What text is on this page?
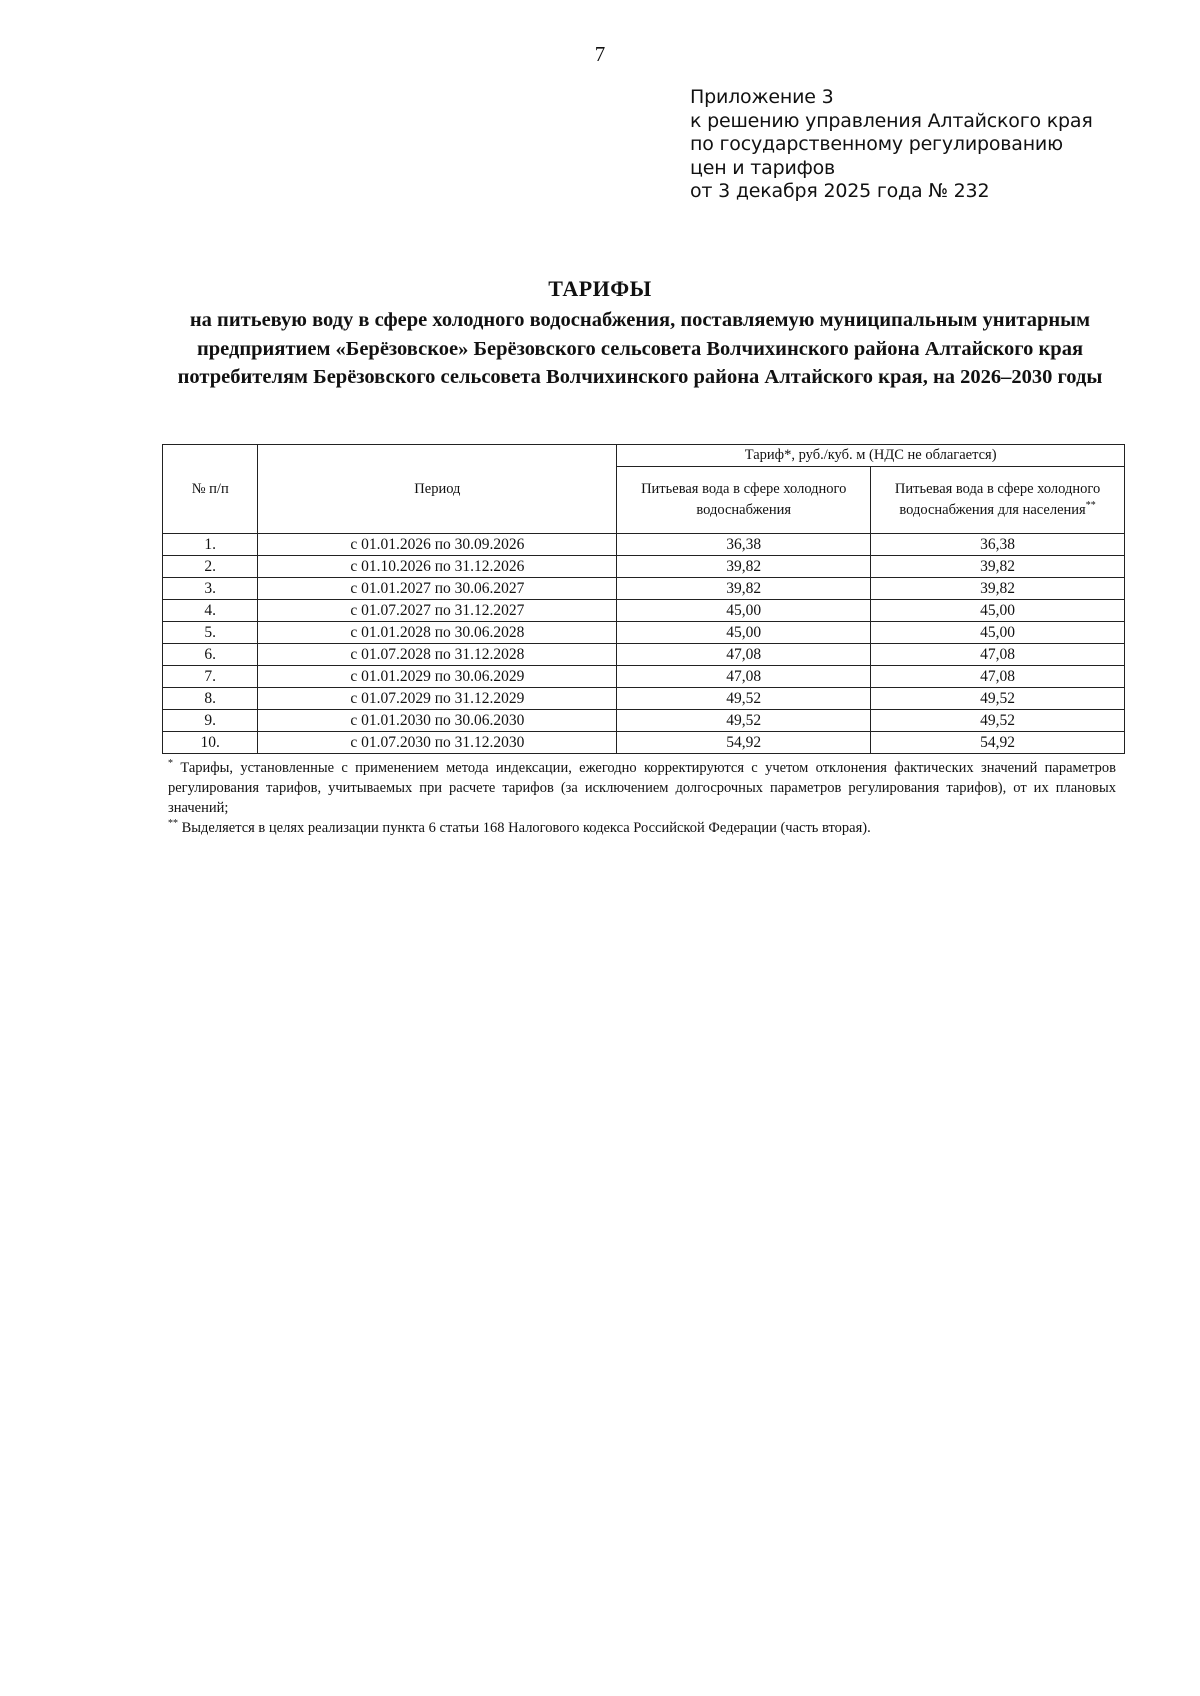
7
Приложение 3
к решению управления Алтайского края
по государственному регулированию
цен и тарифов
от 3 декабря 2025 года № 232
ТАРИФЫ
на питьевую воду в сфере холодного водоснабжения, поставляемую муниципальным унитарным предприятием «Берёзовское» Берёзовского сельсовета Волчихинского района Алтайского края потребителям Берёзовского сельсовета Волчихинского района Алтайского края, на 2026–2030 годы
№ п/п	Период	Тариф*, руб./куб. м (НДС не облагается)	
		Питьевая вода в сфере холодного водоснабжения	Питьевая вода в сфере холодного водоснабжения для населения**
1.	с 01.01.2026 по 30.09.2026	36,38	36,38
2.	с 01.10.2026 по 31.12.2026	39,82	39,82
3.	с 01.01.2027 по 30.06.2027	39,82	39,82
4.	с 01.07.2027 по 31.12.2027	45,00	45,00
5.	с 01.01.2028 по 30.06.2028	45,00	45,00
6.	с 01.07.2028 по 31.12.2028	47,08	47,08
7.	с 01.01.2029 по 30.06.2029	47,08	47,08
8.	с 01.07.2029 по 31.12.2029	49,52	49,52
9.	с 01.01.2030 по 30.06.2030	49,52	49,52
10.	с 01.07.2030 по 31.12.2030	54,92	54,92

* Тарифы, установленные с применением метода индексации, ежегодно корректируются с учетом отклонения фактических значений параметров регулирования тарифов, учитываемых при расчете тарифов (за исключением долгосрочных параметров регулирования тарифов), от их плановых значений;

** Выделяется в целях реализации пункта 6 статьи 168 Налогового кодекса Российской Федерации (часть вторая).
